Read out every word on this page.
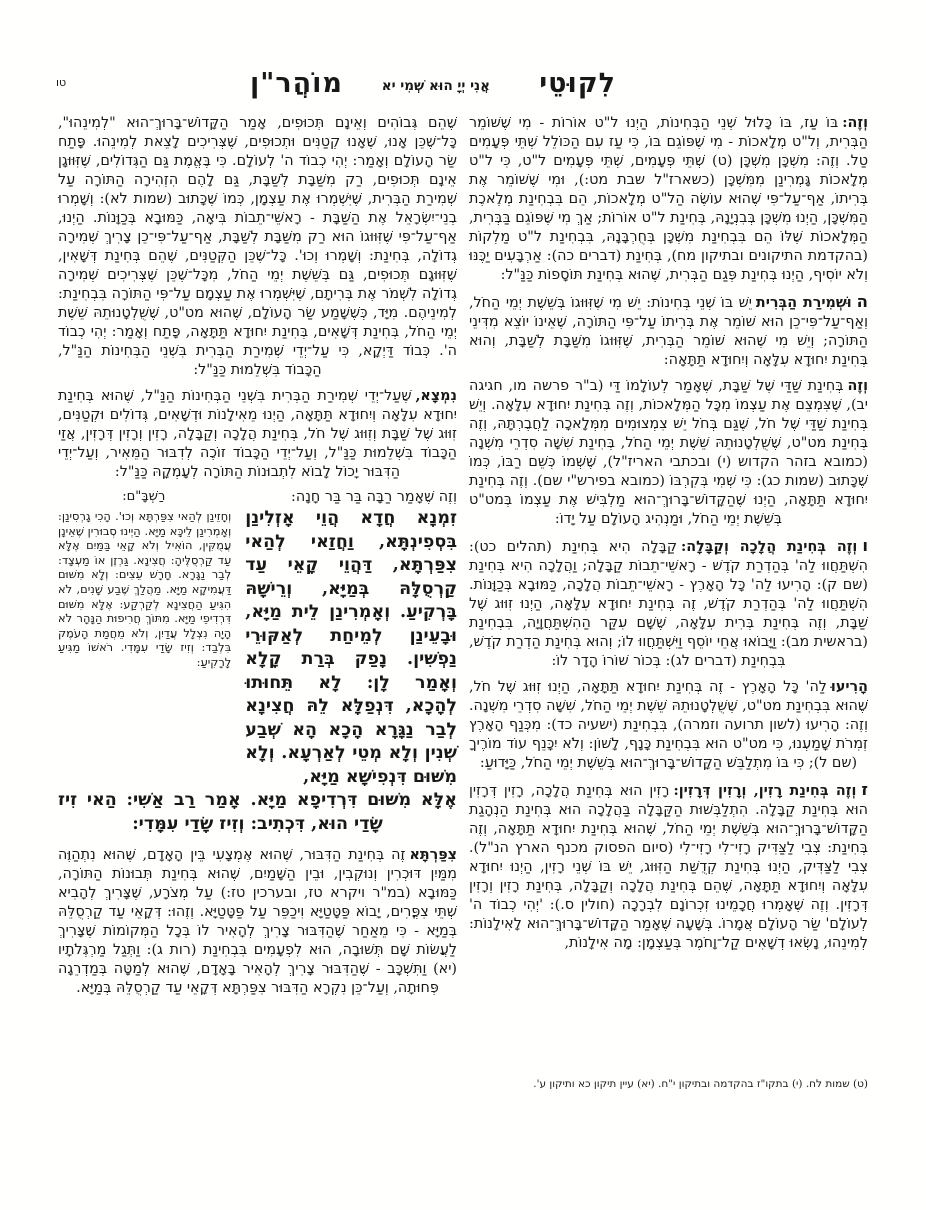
לִקוּטֵי
אֲנִי יְיָ הוּא שְׁמִי יא
מוֹהֲר"ן
טו

וְזֶה:בּוֹ עַז, בּוֹ כָּלוּל שְׁנֵי הַבְּחִינוֹת, הַיְנוּ ל"ט אוֹרוֹת - מִי שֶׁשּׁוֹמֵר הַבְּרִית, וְל"ט מְלָאכוֹת - מִי שֶׁפּוֹגֵם בּוֹ, כִּי עַז עִם הַכּוֹלֵל שְׁתֵּי פְּעָמִים טַל. וְזֶה: מִשְׁכָּן מִשְׁכָּן (ט) שְׁתֵּי פְּעָמִים, שְׁתֵּי פְּעָמִים ל"ט, כִּי ל"ט מְלָאכוֹת גָּמְרִינַן מִמִּשְׁכָּן (כשארז"ל שבת מט:), וּמִי שֶׁשּׁוֹמֵר אֶת בְּרִיתוֹ, אַף־עַל־פִּי שֶׁהוּא עוֹשֶׂה הַל"ט מְלָאכוֹת, הֵם בִּבְחִינַת מְלֶאכֶת הַמִּשְׁכָּן, הַיְנוּ מִשְׁכָּן בְּבִנְיָנָהּ, בְּחִינַת ל"ט אוֹרוֹת; אַךְ מִי שֶׁפּוֹגֵם בַּבְּרִית, הַמְּלָאכוֹת שֶׁלּוֹ הֵם בִּבְחִינַת מִשְׁכָּן בְּחֻרְבָּנָהּ, בִּבְחִינַת ל"ט מַלְקוֹת (בהקדמת התיקונים ובתיקון מח), בְּחִינַת (דברים כה): אַרְבָּעִים יַכֶּנּוּ וְלֹא יוֹסִיף, הַיְנוּ בְּחִינַת פְּגַם הַבְּרִית, שֶׁהוּא בְּחִינַת תּוֹסָפוֹת כַּנַּ"ל:

הוּשְׁמִירַת הַבְּרִיתיֵשׁ בּוֹ שְׁנֵי בְּחִינוֹת: יֵשׁ מִי שֶׁזִּוּוּגוֹ בְּשֵׁשֶׁת יְמֵי הַחֹל, וְאַף־עַל־פִּי־כֵן הוּא שׁוֹמֵר אֶת בְּרִיתוֹ עַל־פִּי הַתּוֹרָה, שֶׁאֵינוֹ יוֹצֵא מִדִּינֵי הַתּוֹרָה; וְיֵשׁ מִי שֶׁהוּא שׁוֹמֵר הַבְּרִית, שֶׁזִּוּוּגוֹ מִשַּׁבָּת לְשַׁבָּת, וְהוּא בְּחִינַת יִחוּדָא עִלָּאָה וְיִחוּדָא תַּתָּאָה:

וְזֶהבְּחִינַת שַׁדַּי שֶׁל שַׁבָּת, שֶׁאָמַר לְעוֹלָמוֹ דַּי (ב"ר פרשה מו, חגיגה יב), שֶׁצִּמְצֵם אֶת עַצְמוֹ מִכָּל הַמְּלָאכוֹת, וְזֶה בְּחִינַת יִחוּדָא עִלָּאָה. וְיֵשׁ בְּחִינַת שַׁדַּי שֶׁל חֹל, שֶׁגַּם בְּחֹל יֵשׁ צִמְצוּמִים מִמְּלָאכָה לַחֲבֶרְתָּהּ, וְזֶה בְּחִינַת מט"ט, שֶׁשֻּׁלְטָנוּתֵהּ שֵׁשֶׁת יְמֵי הַחֹל, בְּחִינַת שִׁשָּׁה סִדְרֵי מִשְׁנָה (כמובא בזהר הקדוש (י) ובכתבי האריז"ל), שֶׁשְּׁמוֹ כְּשֵׁם רַבּוֹ, כְּמוֹ שֶׁכָּתוּב (שמות כג): כִּי שְׁמִי בְּקִרְבּוֹ (כמובא בפירש"י שם). וְזֶה בְּחִינַת יִחוּדָא תַּתָּאָה, הַיְנוּ שֶׁהַקָּדוֹשׁ־בָּרוּךְ־הוּא מַלְבִּישׁ אֶת עַצְמוֹ בְּמט"ט בְּשֵׁשֶׁת יְמֵי הַחֹל, וּמַנְהִיג הָעוֹלָם עַל יָדוֹ:

ווְזֶה בְּחִינַת הֲלָכָה וְקַבָּלָה:קַבָּלָה הִיא בְּחִינַת (תהלים כט): הִשְׁתַּחֲווּ לַה' בְּהַדְרַת קֹדֶשׁ - רָאשֵׁי־תֵבוֹת קַבָּלָה; וַהֲלָכָה הִיא בְּחִינַת (שם ק): הָרִיעוּ לַה' כָּל הָאָרֶץ - רָאשֵׁי־תֵבוֹת הֲלָכָה, כַּמּוּבָא בְּכַוָּנוֹת. הִשְׁתַּחֲווּ לַה' בְּהַדְרַת קֹדֶשׁ, זֶה בְּחִינַת יִחוּדָא עִלָּאָה, הַיְנוּ זִוּוּג שֶׁל שַׁבָּת, וְזֶה בְּחִינַת בְּרִית עִלָּאָה, שֶׁשָּׁם עִקַּר הַהִשְׁתַּחֲוָיָה, בִּבְחִינַת (בראשית מב): וַיָּבוֹאוּ אֲחֵי יוֹסֵף וַיִּשְׁתַּחֲווּ לוֹ; וְהוּא בְּחִינַת הַדְרַת קֹדֶשׁ, בִּבְחִינַת (דברים לג): בְּכוֹר שׁוֹרוֹ הָדָר לוֹ:

הָרִיעוּלַה' כָּל הָאָרֶץ - זֶה בְּחִינַת יִחוּדָא תַּתָּאָה, הַיְנוּ זִוּוּג שֶׁל חֹל, שֶׁהוּא בִּבְחִינַת מט"ט, שֶׁשֻּׁלְטָנוּתֵהּ שֵׁשֶׁת יְמֵי הַחֹל, שִׁשָּׁה סִדְרֵי מִשְׁנָה. וְזֶה: הָרִיעוּ (לשון תרועה וזמרה), בִּבְחִינַת (ישעיה כד): מִכְּנַף הָאָרֶץ זְמִרֹת שָׁמַעְנוּ, כִּי מט"ט הוּא בִּבְחִינַת כָּנָף, לָשׁוֹן: וְלֹא יִכָּנֵף עוֹד מוֹרֶיךָ (שם ל); כִּי בּוֹ מִתְלַבֵּשׁ הַקָּדוֹשׁ־בָּרוּךְ־הוּא בְּשֵׁשֶׁת יְמֵי הַחֹל, כַּיָּדוּעַ:

זוְזֶה בְּחִינַת רָזִין, וְרָזִין דְּרָזִין:רָזִין הוּא בְּחִינַת הֲלָכָה, רָזִין דְּרָזִין הוּא בְּחִינַת קַבָּלָה. הִתְלַבְּשׁוּת הַקַּבָּלָה בַּהֲלָכָה הוּא בְּחִינַת הַנְהָגַת הַקָּדוֹשׁ־בָּרוּךְ־הוּא בְּשֵׁשֶׁת יְמֵי הַחֹל, שֶׁהוּא בְּחִינַת יִחוּדָא תַּתָּאָה, וְזֶה בְּחִינַת: צְבִי לַצַּדִּיק רָזִי־לִי רָזִי־לִי (סיום הפסוק מכנף הארץ הנ"ל). צְבִי לַצַּדִּיק, הַיְנוּ בְּחִינַת קְדֻשַּׁת הַזִּוּוּג, יֵשׁ בּוֹ שְׁנֵי רָזִין, הַיְנוּ יִחוּדָא עִלָּאָה וְיִחוּדָא תַּתָּאָה, שֶׁהֵם בְּחִינַת הֲלָכָה וְקַבָּלָה, בְּחִינַת רָזִין וְרָזִין דְּרָזִין. וְזֶה שֶׁאָמְרוּ חֲכָמֵינוּ זִכְרוֹנָם לִבְרָכָה (חולין ס.): 'יְהִי כְבוֹד ה' לְעוֹלָם' שַׂר הָעוֹלָם אֲמָרוֹ. בְּשָׁעָה שֶׁאָמַר הַקָּדוֹשׁ־בָּרוּךְ־הוּא לָאִילָנוֹת: לְמִינֵהוּ, נָשְׂאוּ דְשָׁאִים קַל־וָחֹמֶר בְּעַצְמָן: מָה אִילָנוֹת,

שֶׁהֵם גְּבוֹהִים וְאֵינָם תְּכוּפִים, אָמַר הַקָּדוֹשׁ־בָּרוּךְ־הוּא "לְמִינֵהוּ", כָּל־שֶׁכֵּן אָנוּ, שֶׁאָנוּ קְטַנִּים וּתְכוּפִים, שֶׁצְּרִיכִים לָצֵאת לְמִינֵהוּ. פָּתַח שַׂר הָעוֹלָם וְאָמַר: יְהִי כְבוֹד ה' לְעוֹלָם. כִּי בֶּאֱמֶת גַּם הַגְּדוֹלִים, שֶׁזִּוּוּגָן אֵינָם תְּכוּפִים, רַק מִשַּׁבָּת לְשַׁבָּת, גַּם לָהֶם הִזְהִירָה הַתּוֹרָה עַל שְׁמִירַת הַבְּרִית, שֶׁיִּשְׁמְרוּ אֶת עַצְמָן, כְּמוֹ שֶׁכָּתוּב (שמות לא): וְשָׁמְרוּ בְנֵי־יִשְׂרָאֵל אֶת הַשַּׁבָּת - רָאשֵׁי־תֵבוֹת בִּיאָה, כַּמּוּבָא בְּכַוָּנוֹת. הַיְנוּ, אַף־עַל־פִּי שֶׁזִּוּוּגוֹ הוּא רַק מִשַּׁבָּת לְשַׁבָּת, אַף־עַל־פִּי־כֵן צָרִיךְ שְׁמִירָה גְדוֹלָה, בְּחִינַת: וְשָׁמְרוּ וְכוּ'. כָּל־שֶׁכֵּן הַקְּטַנִּים, שֶׁהֵם בְּחִינַת דְּשָׁאִין, שֶׁזִּוּוּגָם תְּכוּפִים, גַּם בְּשֵׁשֶׁת יְמֵי הַחֹל, מִכָּל־שֶׁכֵּן שֶׁצְּרִיכִים שְׁמִירָה גְדוֹלָה לִשְׁמֹר אֶת בְּרִיתָם, שֶׁיִּשְׁמְרוּ אֶת עַצְמָם עַל־פִּי הַתּוֹרָה בִּבְחִינַת: לְמִינֵיהֶם. מִיָּד, כְּשֶׁשָּׁמַע שַׂר הָעוֹלָם, שֶׁהוּא מט"ט, שֶׁשֻּׁלְטָנוּתֵהּ שֵׁשֶׁת יְמֵי הַחֹל, בְּחִינַת דְּשָׁאִים, בְּחִינַת יִחוּדָא תַּתָּאָה, פָּתַח וְאָמַר: יְהִי כְבוֹד ה'. כְּבוֹד דַּיְקָא, כִּי עַל־יְדֵי שְׁמִירַת הַבְּרִית בִּשְׁנֵי הַבְּחִינוֹת הַנַּ"ל, הַכָּבוֹד בִּשְׁלֵמוּת כַּנַּ"ל:

נִמְצָא,שֶׁעַל־יְדֵי שְׁמִירַת הַבְּרִית בִּשְׁנֵי הַבְּחִינוֹת הַנַּ"ל, שֶׁהוּא בְּחִינַת יִחוּדָא עִלָּאָה וְיִחוּדָא תַּתָּאָה, הַיְנוּ מֵאִילָנוֹת וּדְשָׁאִים, גְּדוֹלִים וּקְטַנִּים, זִוּוּג שֶׁל שַׁבָּת וְזִוּוּג שֶׁל חֹל, בְּחִינַת הֲלָכָה וְקַבָּלָה, רָזִין וְרָזִין דְּרָזִין, אֲזַי הַכָּבוֹד בִּשְׁלֵמוּת כַּנַּ"ל, וְעַל־יְדֵי הַכָּבוֹד זוֹכֶה לְדִבּוּר הַמֵּאִיר, וְעַל־יְדֵי הַדִּבּוּר יָכוֹל לָבוֹא לִתְבוּנוֹת הַתּוֹרָה לְעָמְקָהּ כַּנַּ"ל:

וְזֶה שֶׁאָמַר רַבָּה בַּר בַּר חָנָה:
רַשְׁבָּ"ם:
זִמְנָא חֲדָא הֲוֵי אָזְלִינַן בִּסְפִינְתָּא, וַחֲזַאי לְהַאי צִפַּרְתָּא, דַּהֲוֵי קָאֵי עַד קַרְסֻלָּהּ בְּמַיָּא, וְרֵישָׁהּ בָּרְקִיעַ. וְאָמְרִינַן לֵית מַיָּא, וּבָעֵינַן לְמֵיחַת לְאַקּוּרֵי נַפְשִׁין. נָפַק בְּרַת קָלָא וְאָמַר לָן: לָא תֵּחוּתוּ לְהָכָא, דִּנְפַלָּא לֵהּ חֲצִינָא לְבַר נַגָּרָא הָכָא הָא שְׁבַע שְׁנִין וְלָא מְטֵי לְאַרְעָא. וְלָא מִשּׁוּם דִּנְפִישָׁא מַיָּא,
וְחָזֵינַן לְהַאי צִפַּרְתָּא וְכוּ'. הָכִי גָרְסִינַן: וְאָמְרִינַן לֵיכָּא מַיָּא. הַיְינוּ סְבוּרִין שֶׁאֵינָן עֲמֻקִּין, הוֹאִיל וְלֹא קָאֵי בַּמַּיִם אֶלָּא עַד קַרְסֻלֶּיהָ: חֲצִינָא. גַּרְזֶן אוֹ מַעְצָד: לְבַר נַגָּרָא. חָרָשׁ עֵצִים: וְלָא מִשּׁוּם דַּעֲמִיקָא מַיָּא. מַהֲלַךְ שֶׁבַע שָׁנִים, לֹא הִגִּיעַ הַחֲצִינָא לְקַרְקַע: אֶלָּא מִשּׁוּם דִּרְדִיפֵי מַיָּא. מִתּוֹךְ חֲרִיפוּת הַנָּהָר לֹא הָיָה נִצְלָל עֲדַיִן, וְלֹא מֵחֲמַת הָעֹמֶק בִּלְבַד: וְזִיז שָׂדַי עִמָּדִי. רֹאשׁוֹ מַגִּיעַ לָרָקִיעַ:

אֶלָּא מִשּׁוּם דִּרְדִיפָא מַיָּא. אָמַר רַב אַשִׁי: הַאי זִיז שָׂדַי הוּא, דִּכְתִיב: וְזִיז שָׂדַי עִמָּדִי:

צִפַּרְתָּאזֶה בְּחִינַת הַדִּבּוּר, שֶׁהוּא אֶמְצָעִי בֵּין הָאָדָם, שֶׁהוּא נִתְהַוֶּה מִמַּיִן דּוּכְרִין וְנוּקְבִין, וּבֵין הַשָּׁמַיִם, שֶׁהוּא בְּחִינַת תְּבוּנוֹת הַתּוֹרָה, כַּמּוּבָא (במ"ר ויקרא טז, ובערכין טז:) עַל מְצֹרָע, שֶׁצָּרִיךְ לְהָבִיא שְׁתֵּי צִפֳּרִים, יָבוֹא פַּטָּטַיָּא וִיכַפֵּר עַל פַּטָּטַיָּא. וְזֶהוּ: דְּקָאֵי עַד קַרְסֻלֵּהּ בְּמַיָּא - כִּי מֵאַחַר שֶׁהַדִּבּוּר צָרִיךְ לְהָאִיר לוֹ בְּכָל הַמְּקוֹמוֹת שֶׁצָּרִיךְ לַעֲשׂוֹת שָׁם תְּשׁוּבָה, הוּא לִפְעָמִים בִּבְחִינַת (רות ג): וַתְּגַל מַרְגְּלֹתָיו (יא) וַתִּשְׁכָּב - שֶׁהַדִּבּוּר צָרִיךְ לְהָאִיר בָּאָדָם, שֶׁהוּא לְמַטָּה בְּמַדְרֵגָה פְּחוּתָה, וְעַל־כֵּן נִקְרָא הַדִּבּוּר צִפַּרְתָּא דְּקָאֵי עַד קַרְסֻלֵּהּ בְּמַיָּא.

(ט) שמות לח. (י) בתקו"ז בהקדמה ובתיקון י"ח. (יא) עיין תיקון כא ותיקון ע'.
